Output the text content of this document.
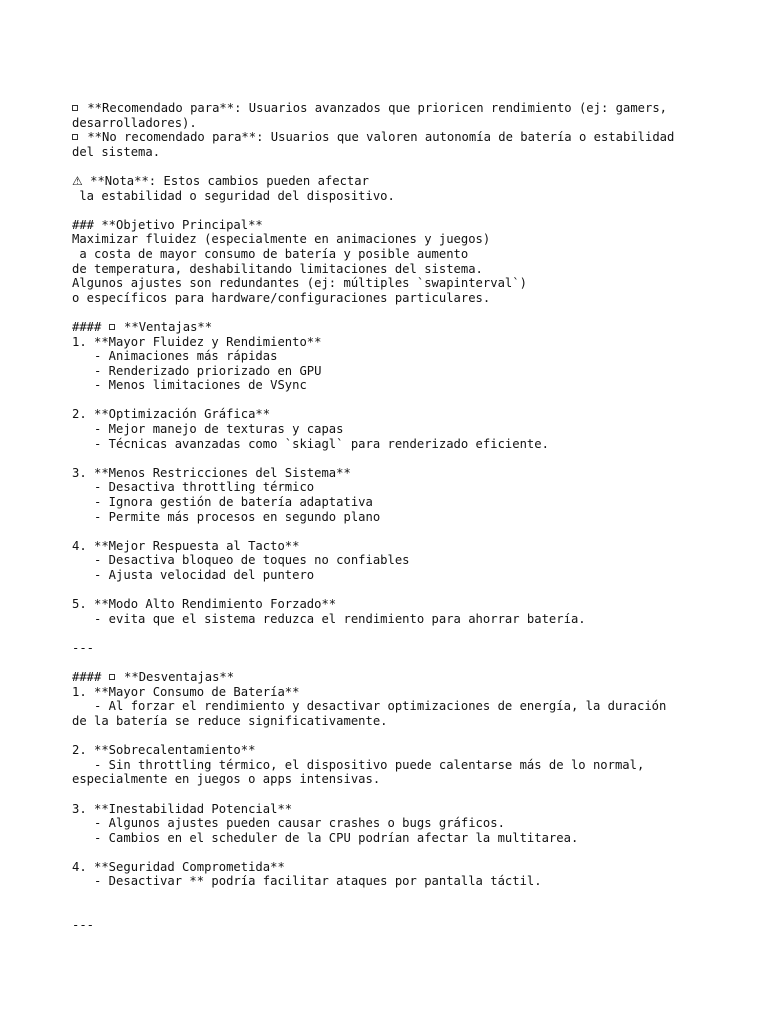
**Recomendado para**: Usuarios avanzados que prioricen rendimiento (ej: gamers,
desarrolladores).
**No recomendado para**: Usuarios que valoren autonomía de batería o estabilidad
del sistema.
⚠ **Nota**: Estos cambios pueden afectar
la estabilidad o seguridad del dispositivo.
### **Objetivo Principal**
Maximizar fluidez (especialmente en animaciones y juegos)
a costa de mayor consumo de batería y posible aumento
de temperatura, deshabilitando limitaciones del sistema.
Algunos ajustes son redundantes (ej: múltiples `swapinterval`)
o específicos para hardware/configuraciones particulares.
#### **Ventajas**
1. **Mayor Fluidez y Rendimiento**
- Animaciones más rápidas
- Renderizado priorizado en GPU
- Menos limitaciones de VSync
2. **Optimización Gráfica**
- Mejor manejo de texturas y capas
- Técnicas avanzadas como `skiagl` para renderizado eficiente.
3. **Menos Restricciones del Sistema**
- Desactiva throttling térmico
- Ignora gestión de batería adaptativa
- Permite más procesos en segundo plano
4. **Mejor Respuesta al Tacto**
- Desactiva bloqueo de toques no confiables
- Ajusta velocidad del puntero
5. **Modo Alto Rendimiento Forzado**
- evita que el sistema reduzca el rendimiento para ahorrar batería.
---
#### **Desventajas**
1. **Mayor Consumo de Batería**
- Al forzar el rendimiento y desactivar optimizaciones de energía, la duración
de la batería se reduce significativamente.
2. **Sobrecalentamiento**
- Sin throttling térmico, el dispositivo puede calentarse más de lo normal,
especialmente en juegos o apps intensivas.
3. **Inestabilidad Potencial**
- Algunos ajustes pueden causar crashes o bugs gráficos.
- Cambios en el scheduler de la CPU podrían afectar la multitarea.
4. **Seguridad Comprometida**
- Desactivar ** podría facilitar ataques por pantalla táctil.
---
